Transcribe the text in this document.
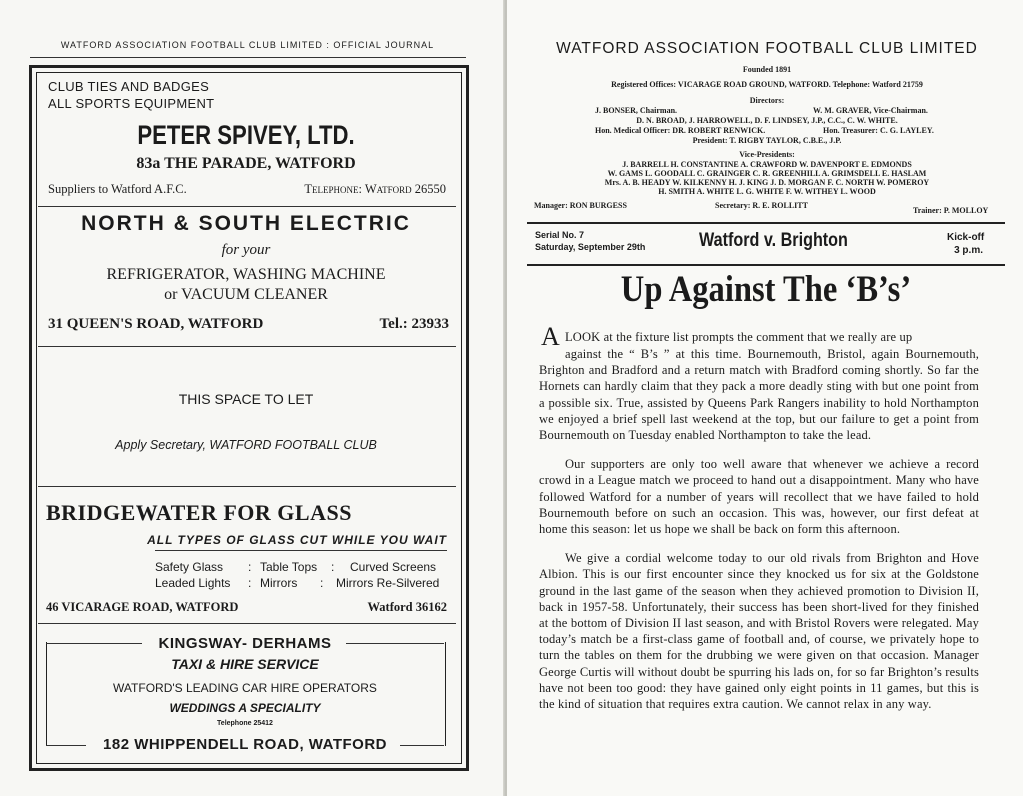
WATFORD ASSOCIATION FOOTBALL CLUB LIMITED : OFFICIAL JOURNAL
CLUB TIES AND BADGES
ALL SPORTS EQUIPMENT
PETER SPIVEY, LTD.
83a THE PARADE, WATFORD
Suppliers to Watford A.F.C.	Telephone: Watford 26550
NORTH & SOUTH ELECTRIC
for your
REFRIGERATOR, WASHING MACHINE
or VACUUM CLEANER
31 QUEEN'S ROAD, WATFORD	Tel.: 23933
THIS SPACE TO LET
Apply Secretary, WATFORD FOOTBALL CLUB
BRIDGEWATER FOR GLASS
ALL TYPES OF GLASS CUT WHILE YOU WAIT
Safety Glass : Table Tops : Curved Screens
Leaded Lights : Mirrors : Mirrors Re-Silvered
46 VICARAGE ROAD, WATFORD	Watford 36162
KINGSWAY- DERHAMS
TAXI & HIRE SERVICE
WATFORD'S LEADING CAR HIRE OPERATORS
WEDDINGS A SPECIALITY
Telephone 25412
182 WHIPPENDELL ROAD, WATFORD
WATFORD ASSOCIATION FOOTBALL CLUB LIMITED
Founded 1891
Registered Offices: VICARAGE ROAD GROUND, WATFORD. Telephone: Watford 21759
Directors:
J. BONSER, Chairman.	W. M. GRAVER, Vice-Chairman.
D. N. BROAD, J. HARROWELL, D. F. LINDSEY, J.P., C.C., C. W. WHITE.
Hon. Medical Officer: DR. ROBERT RENWICK.	Hon. Treasurer: C. G. LAYLEY.
President: T. RIGBY TAYLOR, C.B.E., J.P.
Vice-Presidents:
J. BARRELL H. CONSTANTINE A. CRAWFORD W. DAVENPORT E. EDMONDS
W. GAMS L. GOODALL C. GRAINGER C. R. GREENHILL A. GRIMSDELL E. HASLAM
Mrs. A. B. HEADY W. KILKENNY H. J. KING J. D. MORGAN F. C. NORTH W. POMEROY
H. SMITH A. WHITE L. G. WHITE F. W. WITHEY L. WOOD
Manager: RON BURGESS	Secretary: R. E. ROLLITT
Trainer: P. MOLLOY
Serial No. 7
Saturday, September 29th	Watford v. Brighton	Kick-off
3 p.m.
Up Against The ‘B’s’
A LOOK at the fixture list prompts the comment that we really are up

against the “ B’s ” at this time. Bournemouth, Bristol, again Bournemouth, Brighton and Bradford and a return match with Bradford coming shortly. So far the Hornets can hardly claim that they pack a more deadly sting with but one point from a possible six. True, assisted by Queens Park Rangers inability to hold Northampton we enjoyed a brief spell last weekend at the top, but our failure to get a point from Bournemouth on Tuesday enabled Northampton to take the lead.

Our supporters are only too well aware that whenever we achieve a record crowd in a League match we proceed to hand out a disappointment. Many who have followed Watford for a number of years will recollect that we have failed to hold Bournemouth before on such an occasion. This was, however, our first defeat at home this season: let us hope we shall be back on form this afternoon.

We give a cordial welcome today to our old rivals from Brighton and Hove Albion. This is our first encounter since they knocked us for six at the Goldstone ground in the last game of the season when they achieved promotion to Division II, back in 1957-58. Unfortunately, their success has been short-lived for they finished at the bottom of Division II last season, and with Bristol Rovers were relegated. May today’s match be a first-class game of football and, of course, we privately hope to turn the tables on them for the drubbing we were given on that occasion. Manager George Curtis will without doubt be spurring his lads on, for so far Brighton’s results have not been too good: they have gained only eight points in 11 games, but this is the kind of situation that requires extra caution. We cannot relax in any way.
